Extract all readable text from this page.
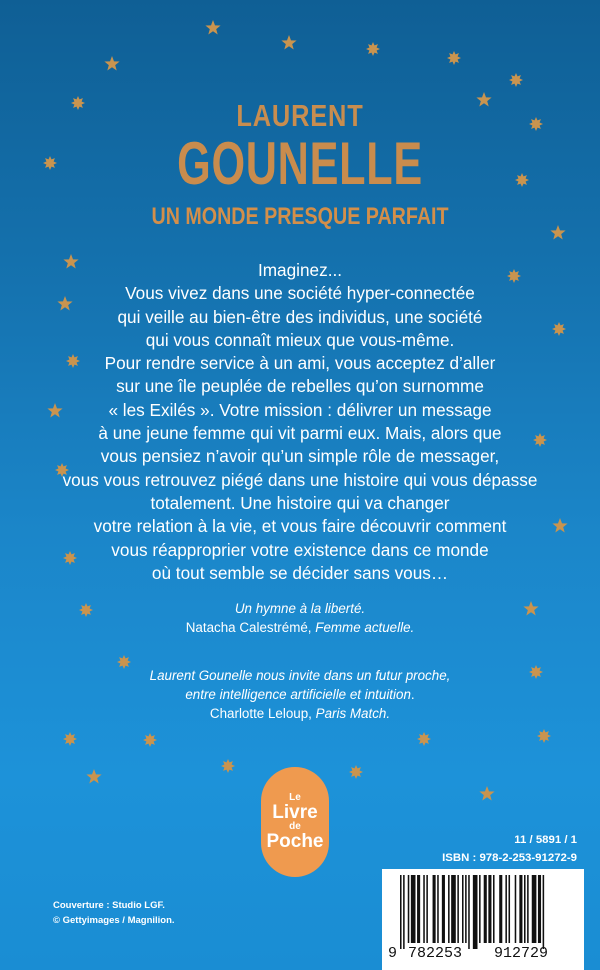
LAURENT
GOUNELLE
UN MONDE PRESQUE PARFAIT
Imaginez...
Vous vivez dans une société hyper-connectée
qui veille au bien-être des individus, une société
qui vous connaît mieux que vous-même.
Pour rendre service à un ami, vous acceptez d’aller
sur une île peuplée de rebelles qu’on surnomme
« les Exilés ». Votre mission : délivrer un message
à une jeune femme qui vit parmi eux. Mais, alors que
vous pensiez n’avoir qu’un simple rôle de messager,
vous vous retrouvez piégé dans une histoire qui vous dépasse
totalement. Une histoire qui va changer
votre relation à la vie, et vous faire découvrir comment
vous réapproprier votre existence dans ce monde
où tout semble se décider sans vous…
Un hymne à la liberté.
Natacha Calestrémé, Femme actuelle.
Laurent Gounelle nous invite dans un futur proche,
entre intelligence artificielle et intuition.
Charlotte Leloup, Paris Match.
Le
Livre
de
Poche	11 / 5891 / 1
ISBN : 978-2-253-91272-9
9 782253 912729
Couverture : Studio LGF.
© Gettyimages / Magnilion.
